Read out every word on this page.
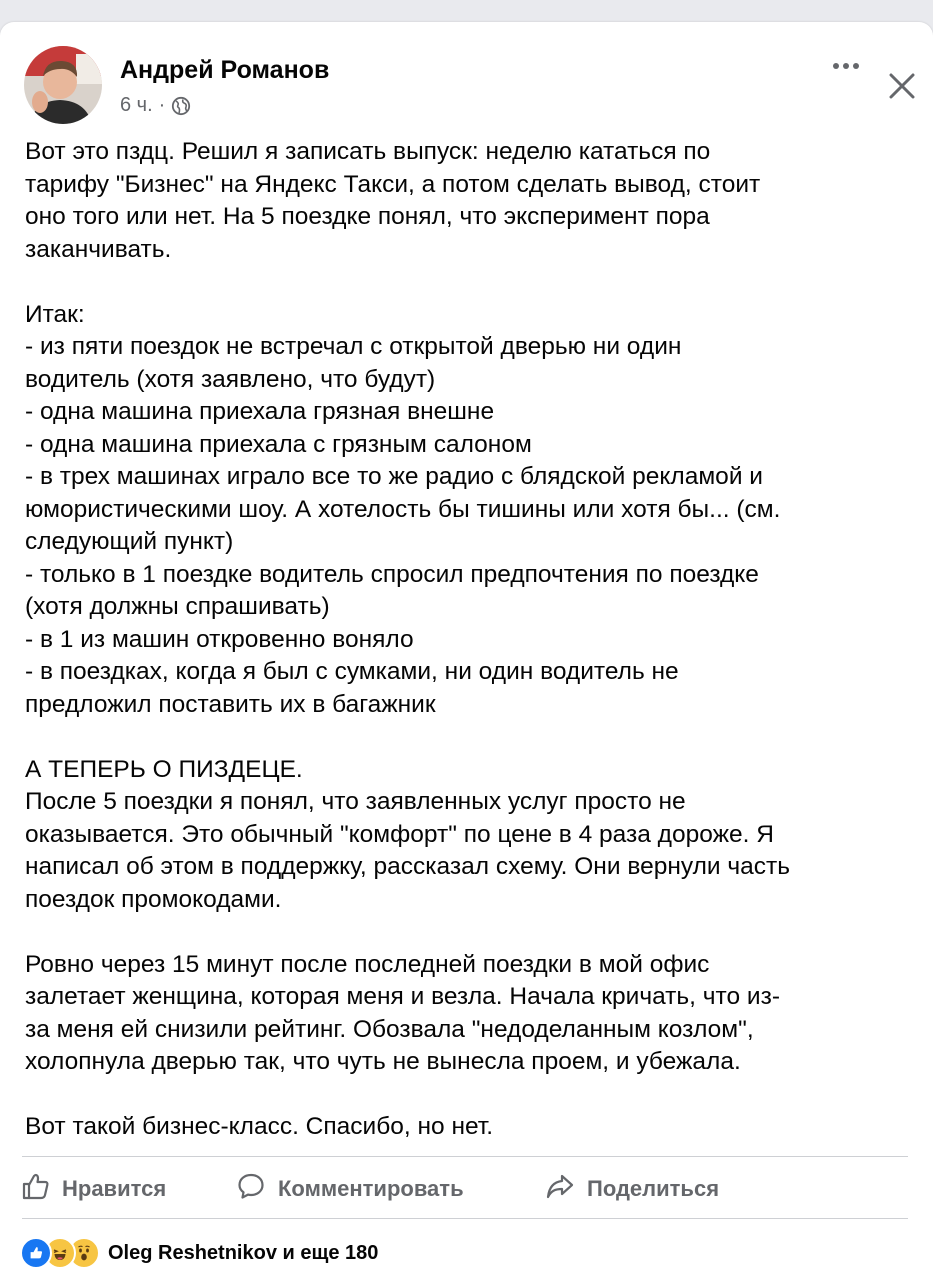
Андрей Романов
6 ч. ·
Вот это пздц. Решил я записать выпуск: неделю кататься по
тарифу "Бизнес" на Яндекс Такси, а потом сделать вывод, стоит
оно того или нет. На 5 поездке понял, что эксперимент пора
заканчивать.

Итак:
- из пяти поездок не встречал с открытой дверью ни один
водитель (хотя заявлено, что будут)
- одна машина приехала грязная внешне
- одна машина приехала с грязным салоном
- в трех машинах играло все то же радио с блядской рекламой и
юмористическими шоу. А хотелость бы тишины или хотя бы... (см.
следующий пункт)
- только в 1 поездке водитель спросил предпочтения по поездке
(хотя должны спрашивать)
- в 1 из машин откровенно воняло
- в поездках, когда я был с сумками, ни один водитель не
предложил поставить их в багажник

А ТЕПЕРЬ О ПИЗДЕЦЕ.
После 5 поездки я понял, что заявленных услуг просто не
оказывается. Это обычный "комфорт" по цене в 4 раза дороже. Я
написал об этом в поддержку, рассказал схему. Они вернули часть
поездок промокодами.

Ровно через 15 минут после последней поездки в мой офис
залетает женщина, которая меня и везла. Начала кричать, что из-
за меня ей снизили рейтинг. Обозвала "недоделанным козлом",
холопнула дверью так, что чуть не вынесла проем, и убежала.

Вот такой бизнес-класс. Спасибо, но нет.
Нравится	Комментировать	Поделиться
Oleg Reshetnikov и еще 180
